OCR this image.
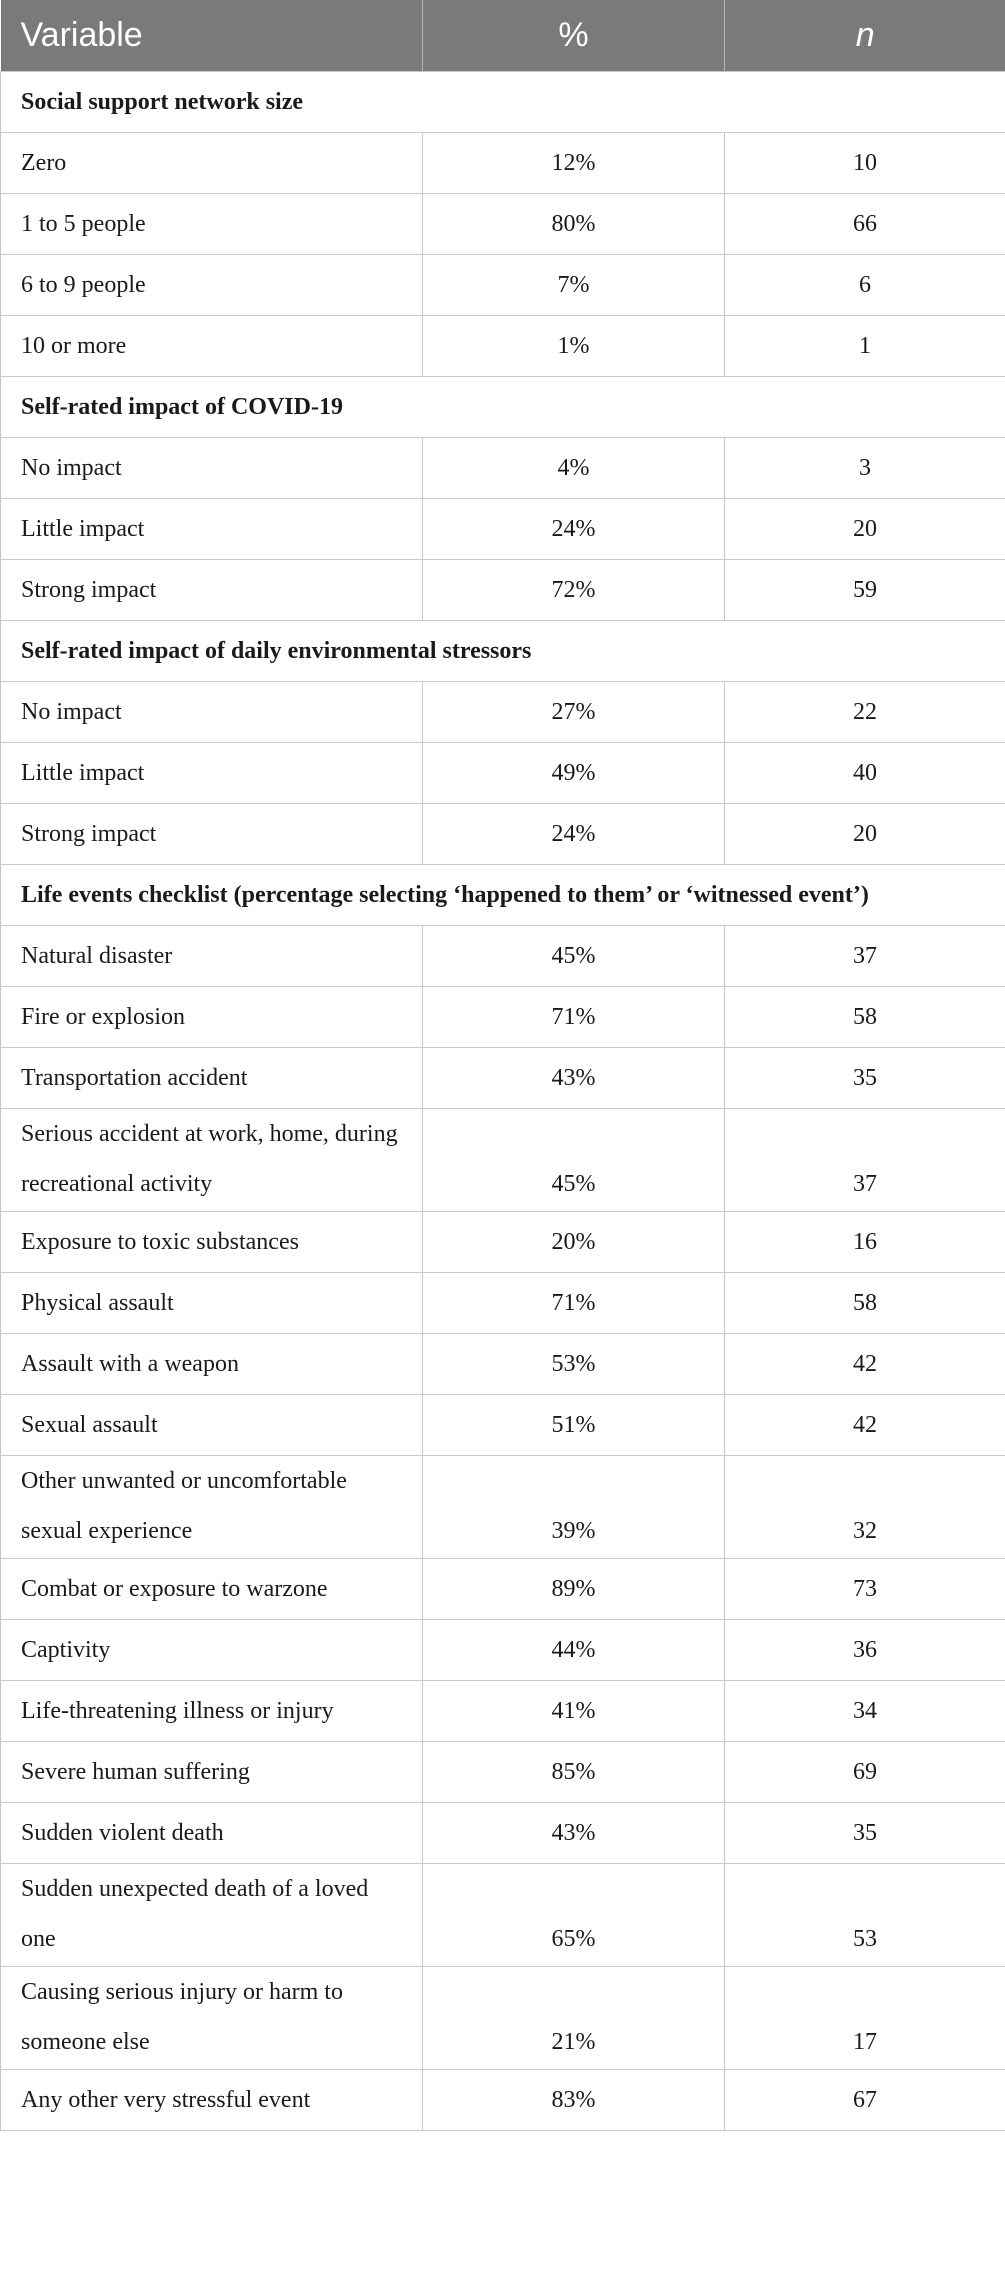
Variable	%	n
Social support network size		
Zero	12%	10
1 to 5 people	80%	66
6 to 9 people	7%	6
10 or more	1%	1
Self-rated impact of COVID-19		
No impact	4%	3
Little impact	24%	20
Strong impact	72%	59
Self-rated impact of daily environmental stressors		
No impact	27%	22
Little impact	49%	40
Strong impact	24%	20
Life events checklist (percentage selecting ‘happened to them’ or ‘witnessed event’)		
Natural disaster	45%	37
Fire or explosion	71%	58
Transportation accident	43%	35
Serious accident at work, home, during recreational activity	45%	37
Exposure to toxic substances	20%	16
Physical assault	71%	58
Assault with a weapon	53%	42
Sexual assault	51%	42
Other unwanted or uncomfortable sexual experience	39%	32
Combat or exposure to warzone	89%	73
Captivity	44%	36
Life-threatening illness or injury	41%	34
Severe human suffering	85%	69
Sudden violent death	43%	35
Sudden unexpected death of a loved one	65%	53
Causing serious injury or harm to someone else	21%	17
Any other very stressful event	83%	67
